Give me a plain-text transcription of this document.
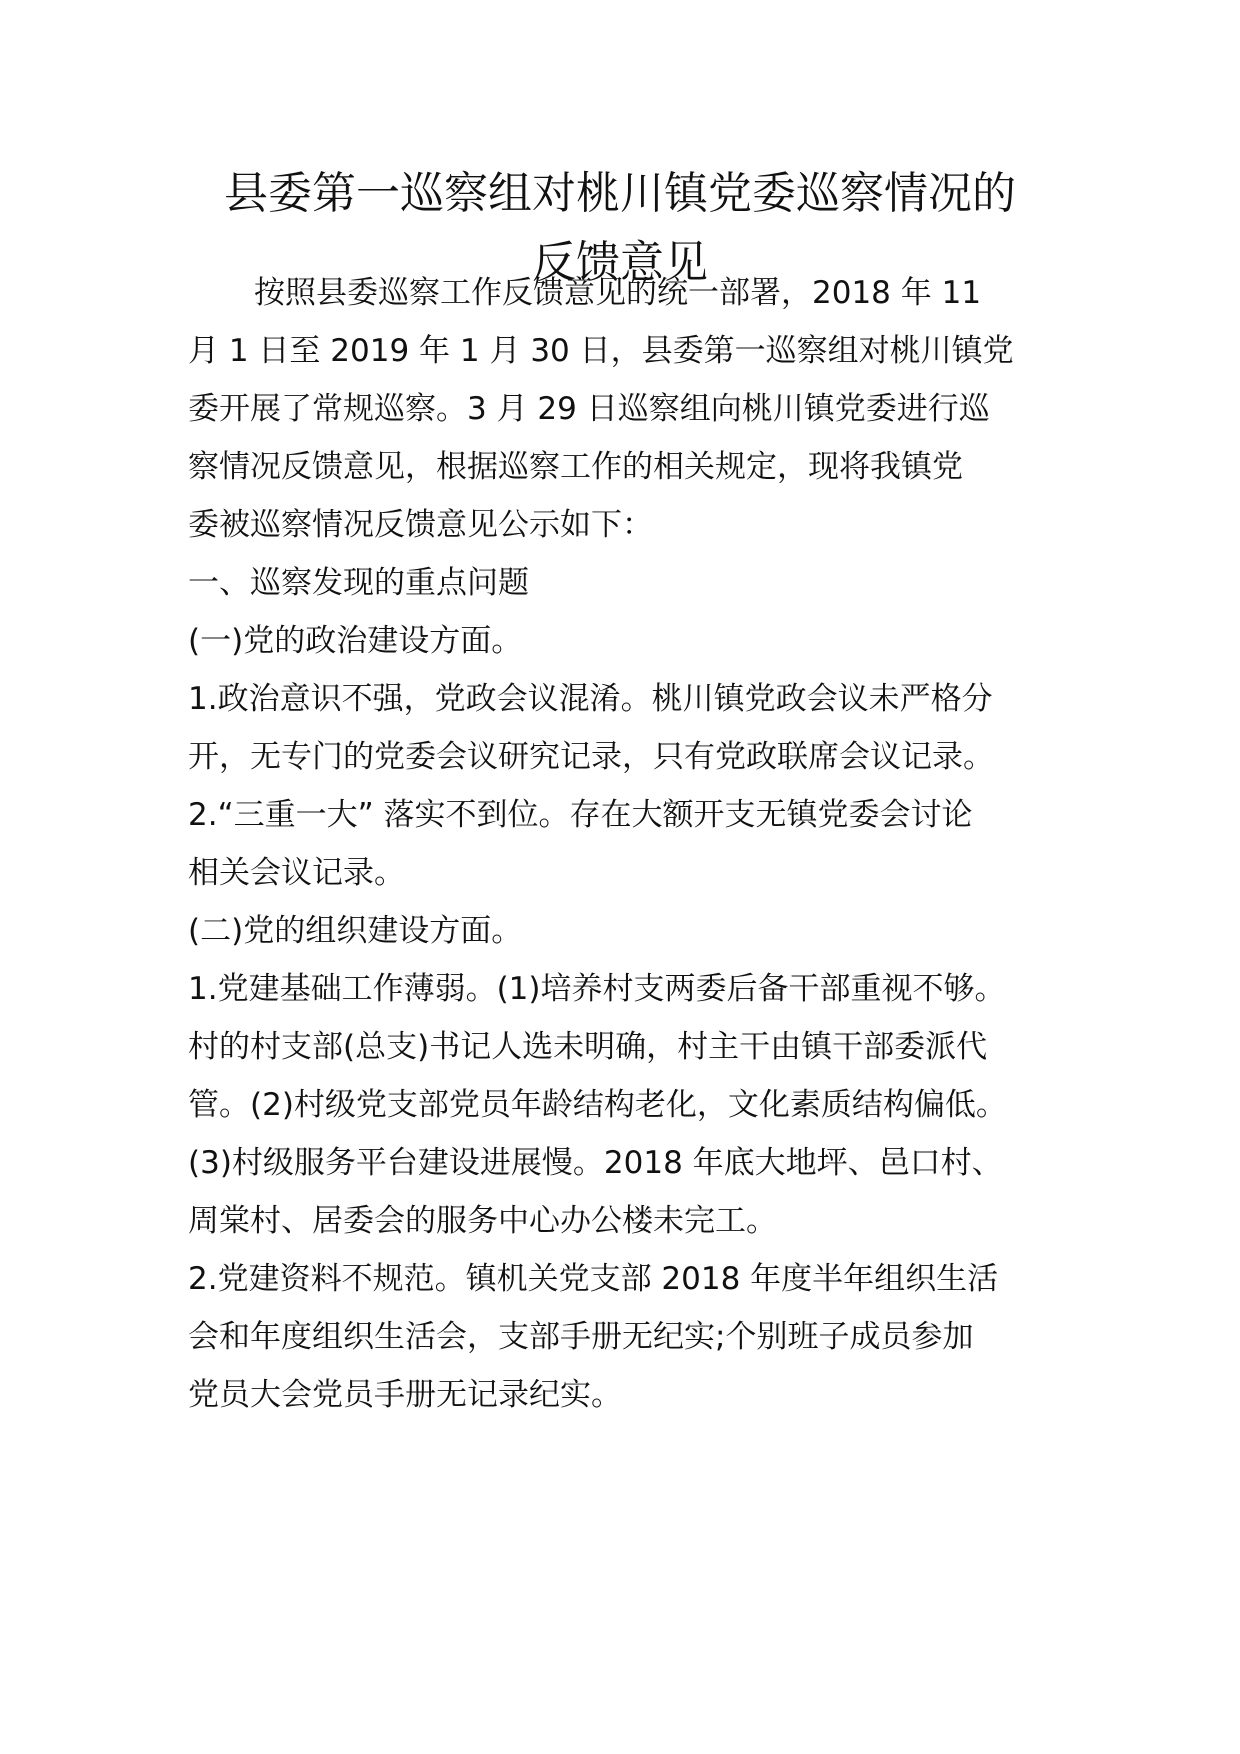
县委第一巡察组对桃川镇党委巡察情况的
反馈意见
按照县委巡察工作反馈意见的统一部署，2018 年 11
月 1 日至 2019 年 1 月 30 日，县委第一巡察组对桃川镇党
委开展了常规巡察。3 月 29 日巡察组向桃川镇党委进行巡
察情况反馈意见，根据巡察工作的相关规定，现将我镇党
委被巡察情况反馈意见公示如下：
一、巡察发现的重点问题
(一)党的政治建设方面。
1.政治意识不强，党政会议混淆。桃川镇党政会议未严格分
开，无专门的党委会议研究记录，只有党政联席会议记录。
2.“三重一大” 落实不到位。存在大额开支无镇党委会讨论
相关会议记录。
(二)党的组织建设方面。
1.党建基础工作薄弱。(1)培养村支两委后备干部重视不够。
村的村支部(总支)书记人选未明确，村主干由镇干部委派代
管。(2)村级党支部党员年龄结构老化，文化素质结构偏低。
(3)村级服务平台建设进展慢。2018 年底大地坪、邑口村、
周棠村、居委会的服务中心办公楼未完工。
2.党建资料不规范。镇机关党支部 2018 年度半年组织生活
会和年度组织生活会，支部手册无纪实;个别班子成员参加
党员大会党员手册无记录纪实。
